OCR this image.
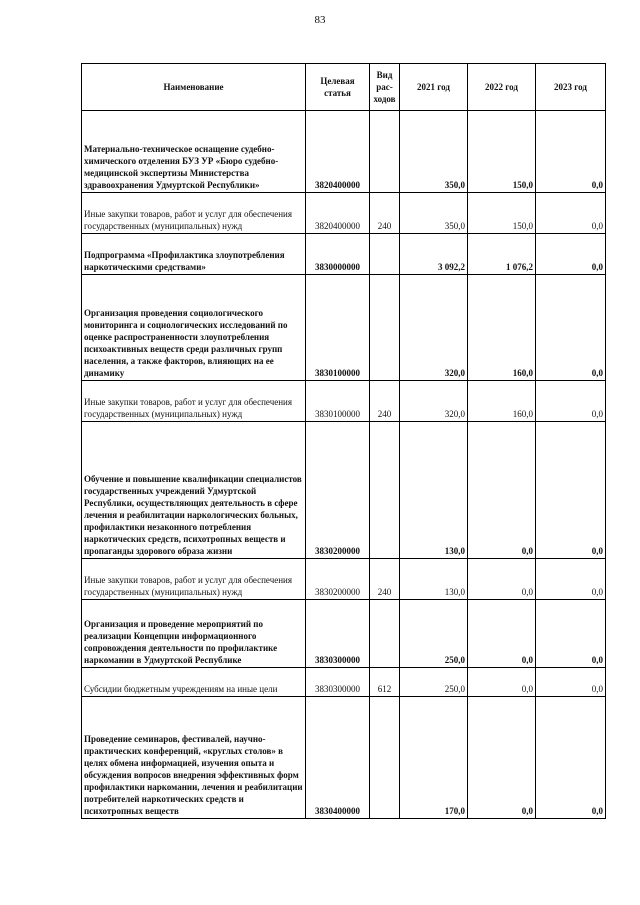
83
Наименование	Целевая статья	Вид рас-ходов	2021 год	2022 год	2023 год
Материально-техническое оснащение судебно-химического отделения БУЗ УР «Бюро судебно-медицинской экспертизы Министерства здравоохранения Удмуртской Республики»	3820400000		350,0	150,0	0,0
Иные закупки товаров, работ и услуг для обеспечения государственных (муниципальных) нужд	3820400000	240	350,0	150,0	0,0
Подпрограмма «Профилактика злоупотребления наркотическими средствами»	3830000000		3 092,2	1 076,2	0,0
Организация проведения социологического мониторинга и социологических исследований по оценке распространенности злоупотребления психоактивных веществ среди различных групп населения, а также факторов, влияющих на ее динамику	3830100000		320,0	160,0	0,0
Иные закупки товаров, работ и услуг для обеспечения государственных (муниципальных) нужд	3830100000	240	320,0	160,0	0,0
Обучение и повышение квалификации специалистов государственных учреждений Удмуртской Республики, осуществляющих деятельность в сфере лечения и реабилитации наркологических больных, профилактики незаконного потребления наркотических средств, психотропных веществ и пропаганды здорового образа жизни	3830200000		130,0	0,0	0,0
Иные закупки товаров, работ и услуг для обеспечения государственных (муниципальных) нужд	3830200000	240	130,0	0,0	0,0
Организация и проведение мероприятий по реализации Концепции информационного сопровождения деятельности по профилактике наркомании в Удмуртской Республике	3830300000		250,0	0,0	0,0
Субсидии бюджетным учреждениям на иные цели	3830300000	612	250,0	0,0	0,0
Проведение семинаров, фестивалей, научно-практических конференций, «круглых столов» в целях обмена информацией, изучения опыта и обсуждения вопросов внедрения эффективных форм профилактики наркомании, лечения и реабилитации потребителей наркотических средств и психотропных веществ	3830400000		170,0	0,0	0,0
